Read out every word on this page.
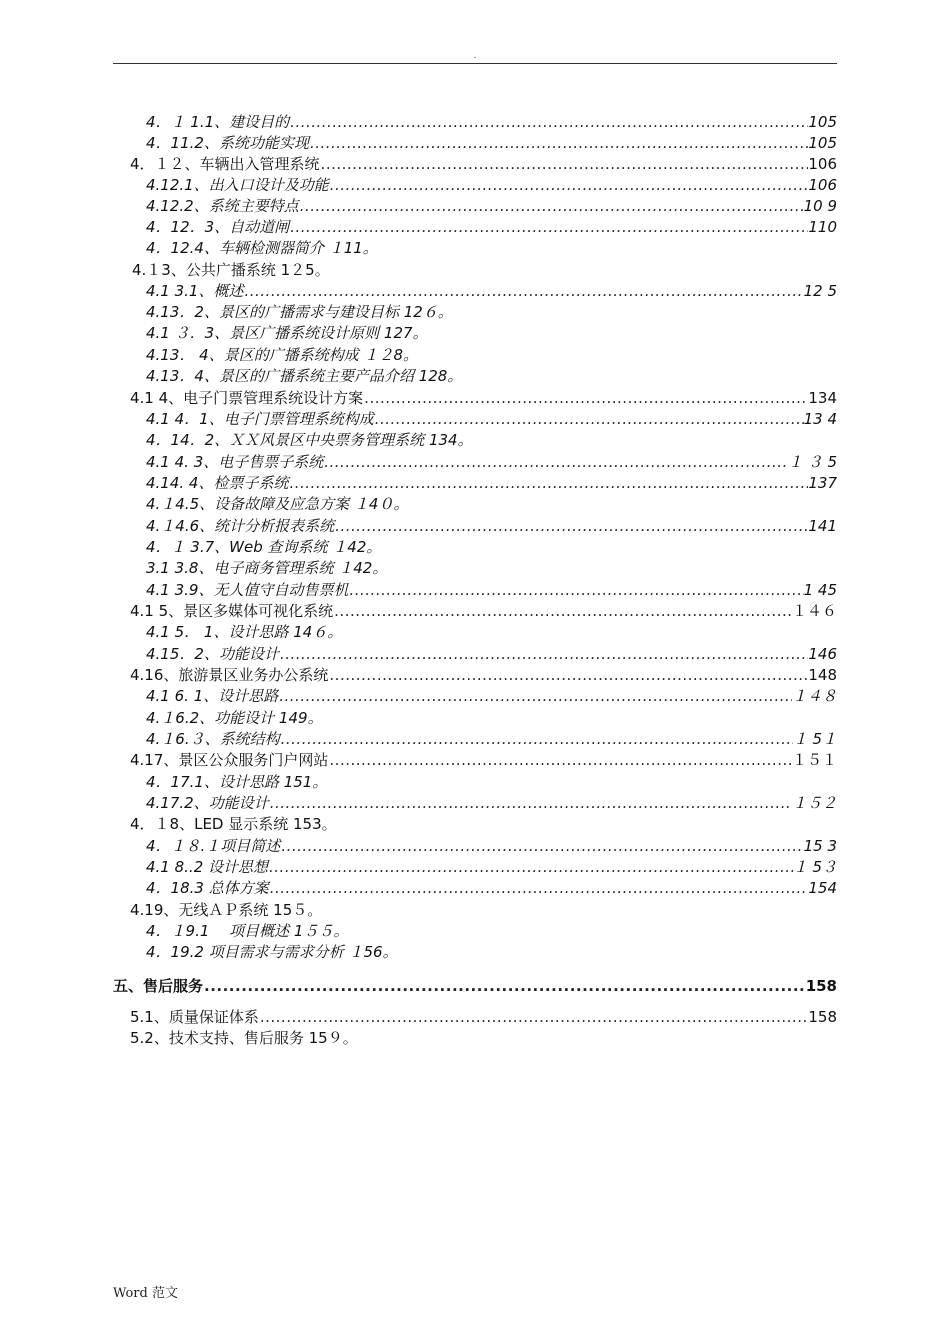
.
4．１ 1.1、建设目的 .....	105
4．11.2、系统功能实现 .....	105
4．１２、车辆出入管理系统 .....	106
4.12.1、出入口设计及功能 .....	106
4.12.2、系统主要特点 .....	10 9
4．12．3、自动道闸 .....	110
4．12.4、车辆检测器简介 １11。
4.１3、公共广播系统 1２5。
4.1 3.1、概述 .....	12 5
4.13．2、景区的广播需求与建设目标 12６。
4.1 ３．3、景区广播系统设计原则 127。
4.13． 4、景区的广播系统构成 １２8。
4.13．4、景区的广播系统主要产品介绍 128。
4.1 4、电子门票管理系统设计方案 .....	134
4.1 4．1、电子门票管理系统构成 .....	13 4
4．14．2、ＸＸ风景区中央票务管理系统 134。
4.1 4. 3、电子售票子系统 .....	１ ３ 5
4.14. 4、检票子系统 .....	137
4.１4.5、设备故障及应急方案 １4０。
4.１4.6、统计分析报表系统 .....	141
4．１ 3.7、Web 查询系统 １42。
3.1 3.8、电子商务管理系统 １42。
4.1 3.9、无人值守自动售票机 .....	1 45
4.1 5、景区多媒体可视化系统 .....	１４６
4.1 5． 1、设计思路 14６。
4.15．2、功能设计 .....	146
4.16、旅游景区业务办公系统 .....	148
4.1 6. 1、设计思路 .....	１４８
4.１6.2、功能设计 149。
4.１6.３、系统结构 .....	１ 5１
4.17、景区公众服务门户网站 .....	１５１
4．17.1、设计思路 151。
4.17.2、功能设计 .....	１５２
4．１8、LED 显示系统 153。
4．１８.１项目简述 .....	15 3
4.1 8..2 设计思想 .....	１ 5３
4．18.3 总体方案 .....	154
4.19、无线ＡＰ系统 15５。
4．１9.1　 项目概述 1５５。
4．19.2 项目需求与需求分析 １56。
五、售后服务 .....	158
5.1、质量保证体系 .....	158
5.2、技术支持、售后服务 15９。
Word 范文
